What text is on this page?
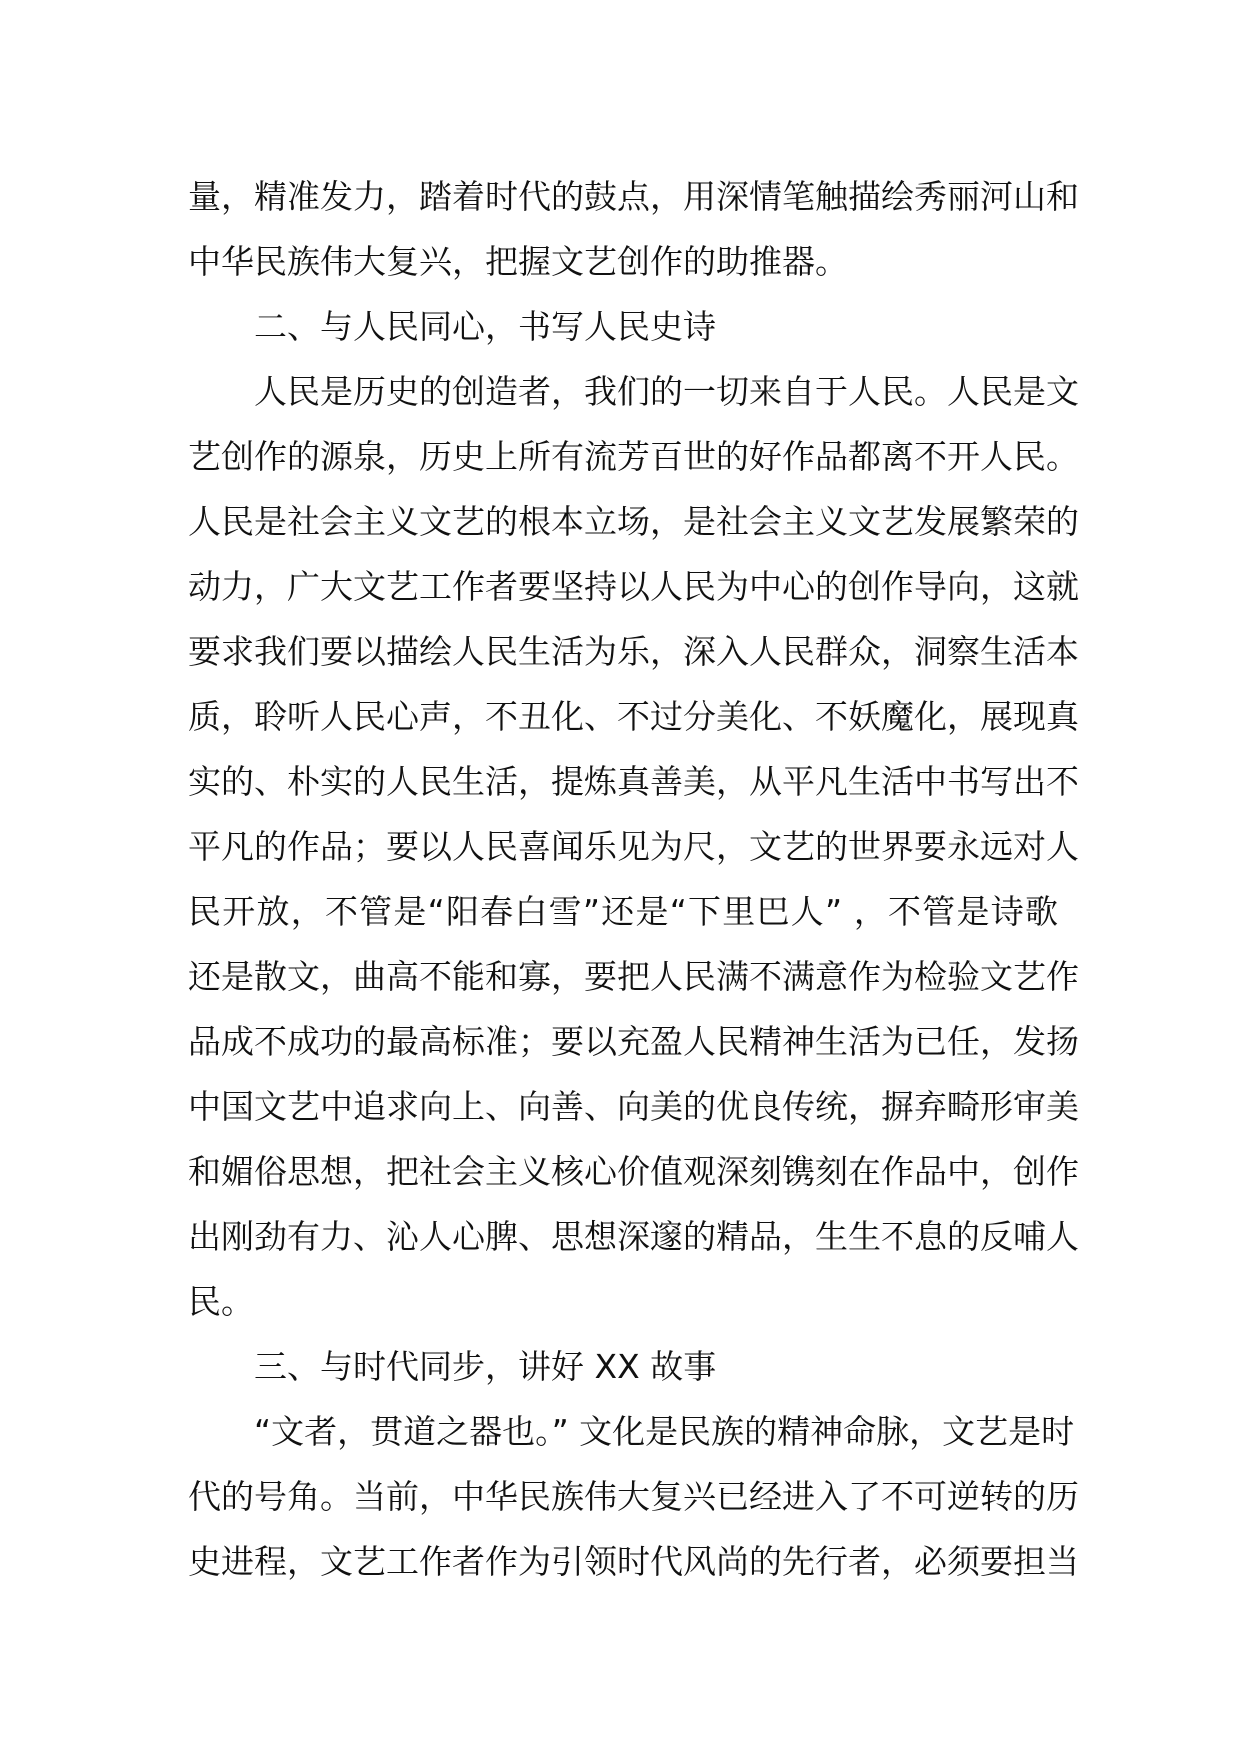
量，精准发力，踏着时代的鼓点，用深情笔触描绘秀丽河山和
中华民族伟大复兴，把握文艺创作的助推器。
二、与人民同心，书写人民史诗
人民是历史的创造者，我们的一切来自于人民。人民是文
艺创作的源泉，历史上所有流芳百世的好作品都离不开人民。
人民是社会主义文艺的根本立场，是社会主义文艺发展繁荣的
动力，广大文艺工作者要坚持以人民为中心的创作导向，这就
要求我们要以描绘人民生活为乐，深入人民群众，洞察生活本
质，聆听人民心声，不丑化、不过分美化、不妖魔化，展现真
实的、朴实的人民生活，提炼真善美，从平凡生活中书写出不
平凡的作品；要以人民喜闻乐见为尺，文艺的世界要永远对人
民开放，不管是“阳春白雪”还是“下里巴人” ，不管是诗歌
还是散文，曲高不能和寡，要把人民满不满意作为检验文艺作
品成不成功的最高标准；要以充盈人民精神生活为已任，发扬
中国文艺中追求向上、向善、向美的优良传统，摒弃畸形审美
和媚俗思想，把社会主义核心价值观深刻镌刻在作品中，创作
出刚劲有力、沁人心脾、思想深邃的精品，生生不息的反哺人
民。
三、与时代同步，讲好 XX 故事
“文者，贯道之器也。” 文化是民族的精神命脉，文艺是时
代的号角。当前，中华民族伟大复兴已经进入了不可逆转的历
史进程，文艺工作者作为引领时代风尚的先行者，必须要担当
